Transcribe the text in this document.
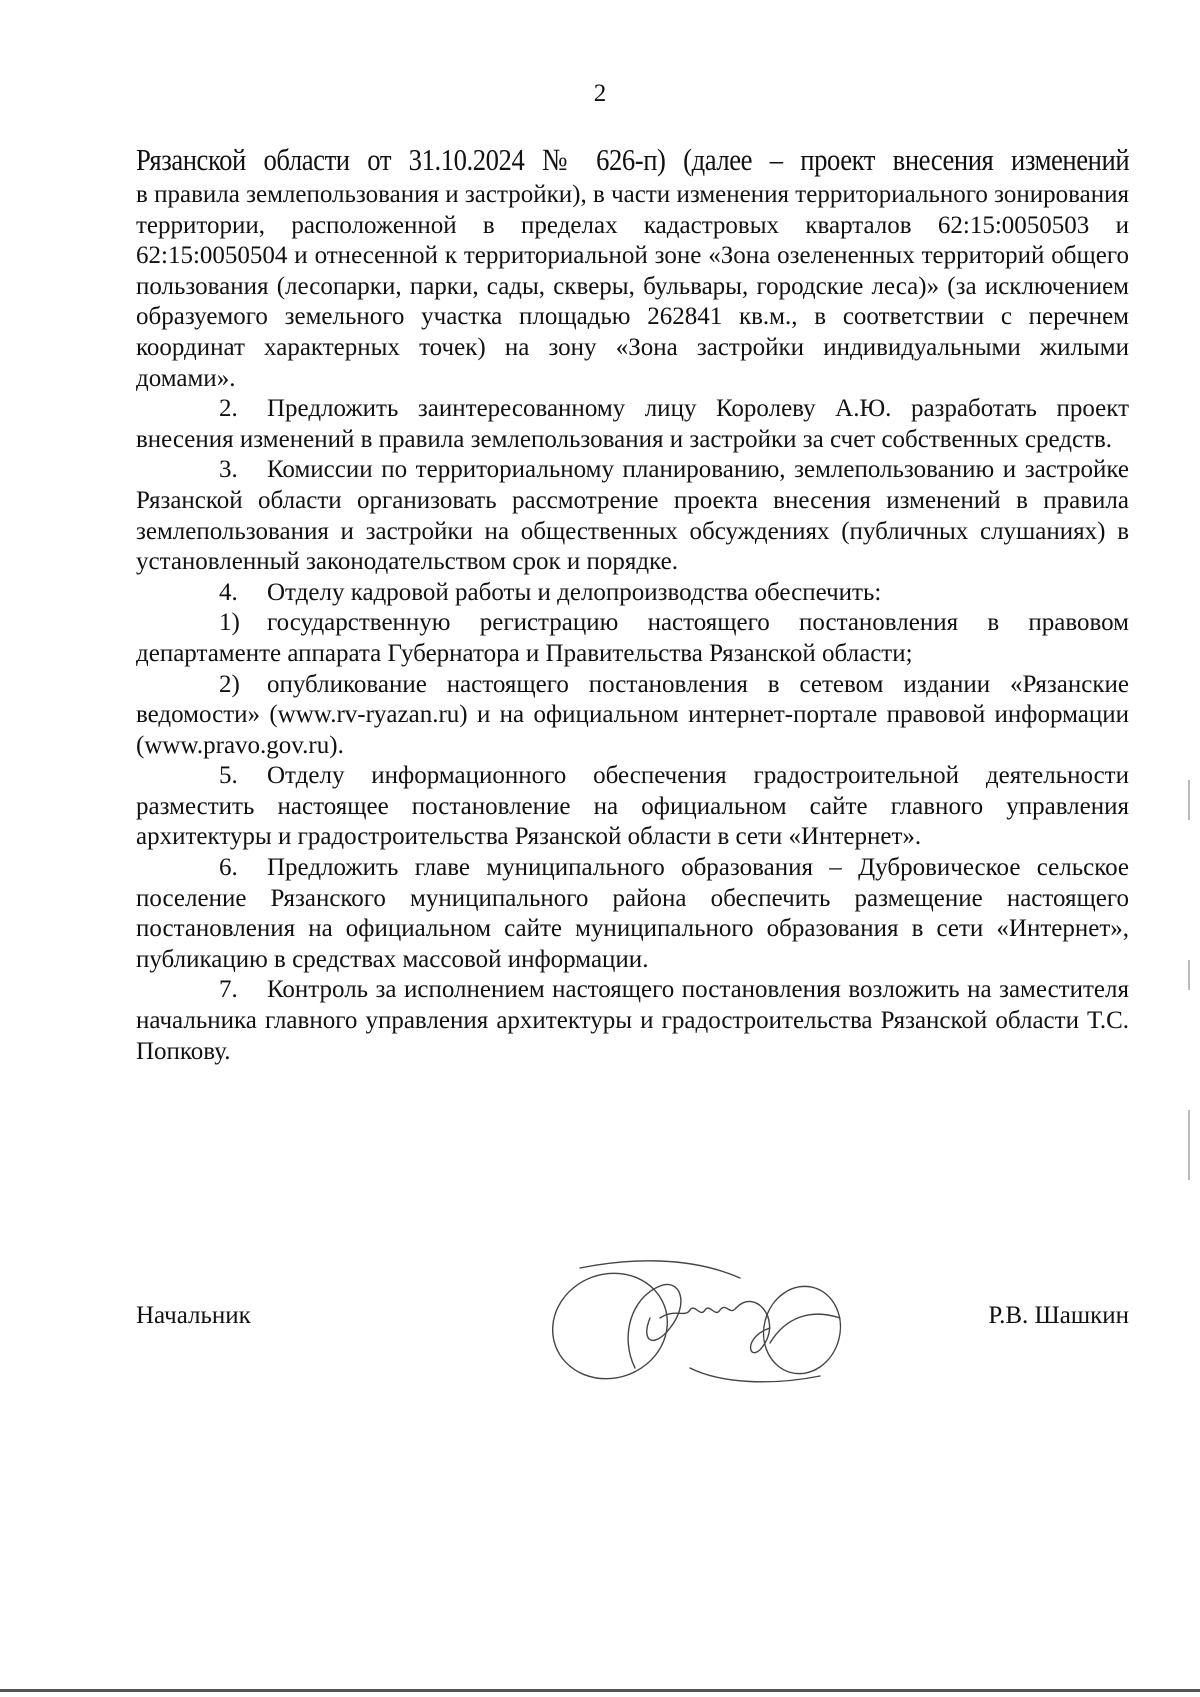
2

Рязанской области от 31.10.2024 № 626-п) (далее – проект внесения изменений

в правила землепользования и застройки), в части изменения территориального зонирования территории, расположенной в пределах кадастровых кварталов 62:15:0050503 и 62:15:0050504 и отнесенной к территориальной зоне «Зона озелененных территорий общего пользования (лесопарки, парки, сады, скверы, бульвары, городские леса)» (за исключением образуемого земельного участка площадью 262841 кв.м., в соответствии с перечнем координат характерных точек) на зону «Зона застройки индивидуальными жилыми домами».

2. Предложить заинтересованному лицу Королеву А.Ю. разработать проект внесения изменений в правила землепользования и застройки за счет собственных средств.

3. Комиссии по территориальному планированию, землепользованию и застройке Рязанской области организовать рассмотрение проекта внесения изменений в правила землепользования и застройки на общественных обсуждениях (публичных слушаниях) в установленный законодательством срок и порядке.

4. Отделу кадровой работы и делопроизводства обеспечить:

1) государственную регистрацию настоящего постановления в правовом департаменте аппарата Губернатора и Правительства Рязанской области;

2) опубликование настоящего постановления в сетевом издании «Рязанские ведомости» (www.rv-ryazan.ru) и на официальном интернет-портале правовой информации (www.pravo.gov.ru).

5. Отделу информационного обеспечения градостроительной деятельности разместить настоящее постановление на официальном сайте главного управления архитектуры и градостроительства Рязанской области в сети «Интернет».

6. Предложить главе муниципального образования – Дубровическое сельское поселение Рязанского муниципального района обеспечить размещение настоящего постановления на официальном сайте муниципального образования в сети «Интернет», публикацию в средствах массовой информации.

7. Контроль за исполнением настоящего постановления возложить на заместителя начальника главного управления архитектуры и градостроительства Рязанской области Т.С. Попкову.

Начальник	Р.В. Шашкин
